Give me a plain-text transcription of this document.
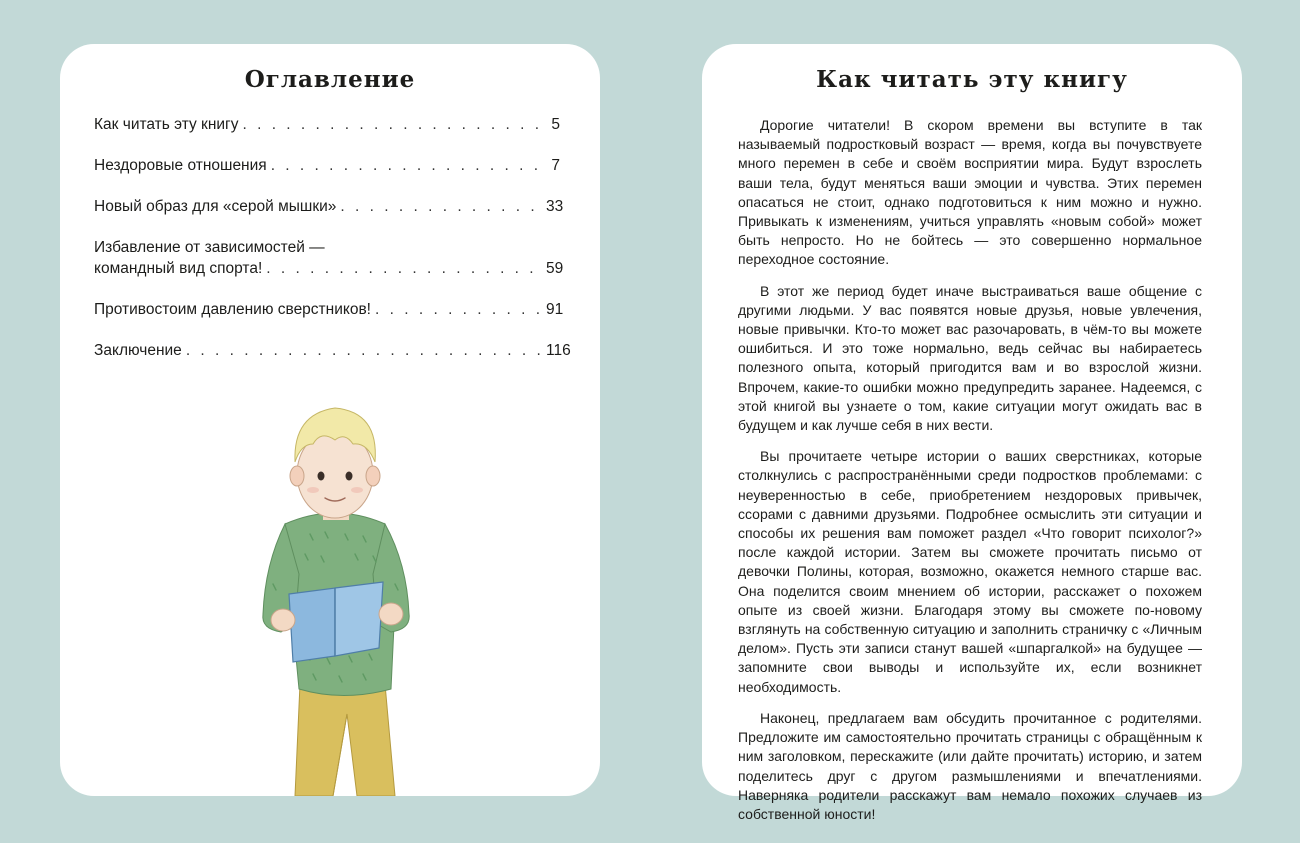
Оглавление
Как читать эту книгу . . .	5
Нездоровые отношения . . .	7
Новый образ для «серой мышки» . . .	33
Избавление от зависимостей —
командный вид спорта! . . .	59
Противостоим давлению сверстников! . . .	91
Заключение . . .	116
Как читать эту книгу

Дорогие читатели! В скором времени вы вступите в так называемый подростковый возраст — время, когда вы почувствуете много перемен в себе и своём восприятии мира. Будут взрослеть ваши тела, будут меняться ваши эмоции и чувства. Этих перемен опасаться не стоит, однако подготовиться к ним можно и нужно. Привыкать к изменениям, учиться управлять «новым собой» может быть непросто. Но не бойтесь — это совершенно нормальное переходное состояние.

В этот же период будет иначе выстраиваться ваше общение с другими людьми. У вас появятся новые друзья, новые увлечения, новые привычки. Кто-то может вас разочаровать, в чём-то вы можете ошибиться. И это тоже нормально, ведь сейчас вы набираетесь полезного опыта, который пригодится вам и во взрослой жизни. Впрочем, какие-то ошибки можно предупредить заранее. Надеемся, с этой книгой вы узнаете о том, какие ситуации могут ожидать вас в будущем и как лучше себя в них вести.

Вы прочитаете четыре истории о ваших сверстниках, которые столкнулись с распространёнными среди подростков проблемами: с неуверенностью в себе, приобретением нездоровых привычек, ссорами с давними друзьями. Подробнее осмыслить эти ситуации и способы их решения вам поможет раздел «Что говорит психолог?» после каждой истории. Затем вы сможете прочитать письмо от девочки Полины, которая, возможно, окажется немного старше вас. Она поделится своим мнением об истории, расскажет о похожем опыте из своей жизни. Благодаря этому вы сможете по-новому взглянуть на собственную ситуацию и заполнить страничку с «Личным делом». Пусть эти записи станут вашей «шпаргалкой» на будущее — запомните свои выводы и используйте их, если возникнет необходимость.

Наконец, предлагаем вам обсудить прочитанное с родителями. Предложите им самостоятельно прочитать страницы с обращённым к ним заголовком, перескажите (или дайте прочитать) историю, и затем поделитесь друг с другом размышлениями и впечатлениями. Наверняка родители расскажут вам немало похожих случаев из собственной юности!
